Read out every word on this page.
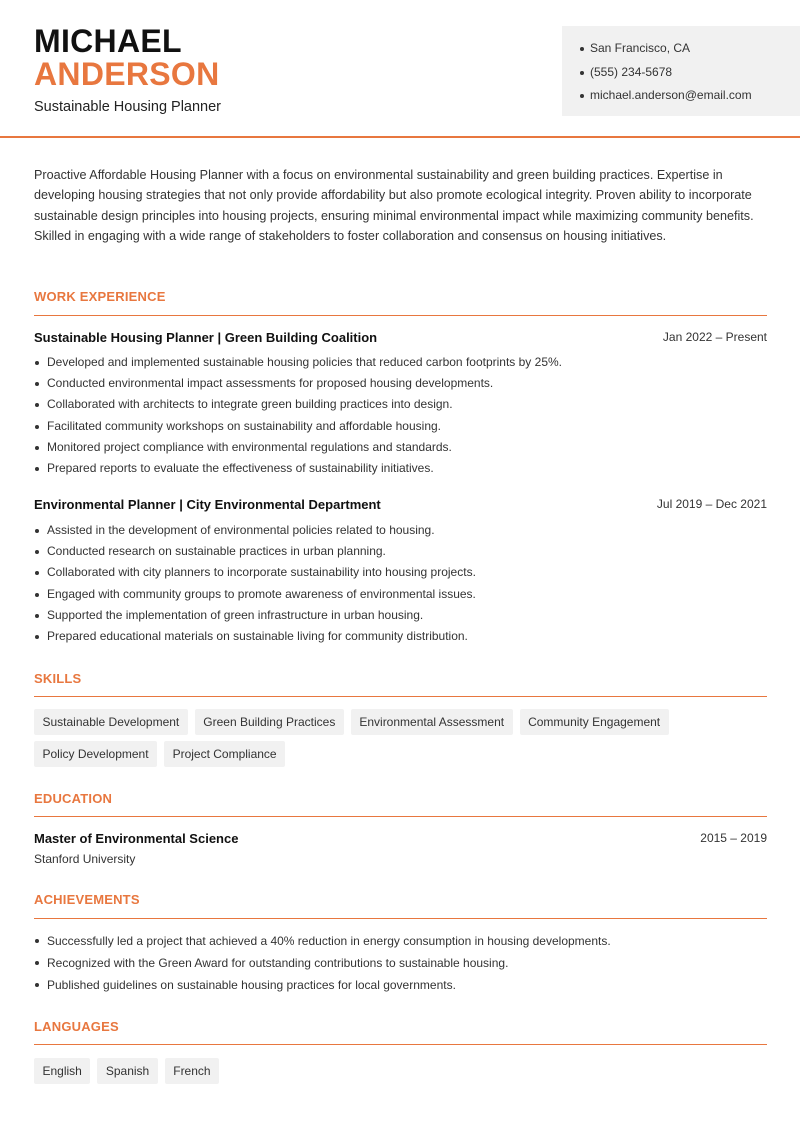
MICHAEL
ANDERSON
Sustainable Housing Planner
San Francisco, CA
(555) 234-5678
michael.anderson@email.com

Proactive Affordable Housing Planner with a focus on environmental sustainability and green building practices. Expertise in developing housing strategies that not only provide affordability but also promote ecological integrity. Proven ability to incorporate sustainable design principles into housing projects, ensuring minimal environmental impact while maximizing community benefits. Skilled in engaging with a wide range of stakeholders to foster collaboration and consensus on housing initiatives.

WORK EXPERIENCE
Sustainable Housing Planner | Green Building Coalition	Jan 2022 – Present
Developed and implemented sustainable housing policies that reduced carbon footprints by 25%.
Conducted environmental impact assessments for proposed housing developments.
Collaborated with architects to integrate green building practices into design.
Facilitated community workshops on sustainability and affordable housing.
Monitored project compliance with environmental regulations and standards.
Prepared reports to evaluate the effectiveness of sustainability initiatives.
Environmental Planner | City Environmental Department	Jul 2019 – Dec 2021
Assisted in the development of environmental policies related to housing.
Conducted research on sustainable practices in urban planning.
Collaborated with city planners to incorporate sustainability into housing projects.
Engaged with community groups to promote awareness of environmental issues.
Supported the implementation of green infrastructure in urban housing.
Prepared educational materials on sustainable living for community distribution.
SKILLS
Sustainable Development	Green Building Practices	Environmental Assessment	Community Engagement
Policy Development	Project Compliance
EDUCATION
Master of Environmental Science
Stanford University
2015 – 2019
ACHIEVEMENTS
Successfully led a project that achieved a 40% reduction in energy consumption in housing developments.
Recognized with the Green Award for outstanding contributions to sustainable housing.
Published guidelines on sustainable housing practices for local governments.
LANGUAGES
English	Spanish	French
